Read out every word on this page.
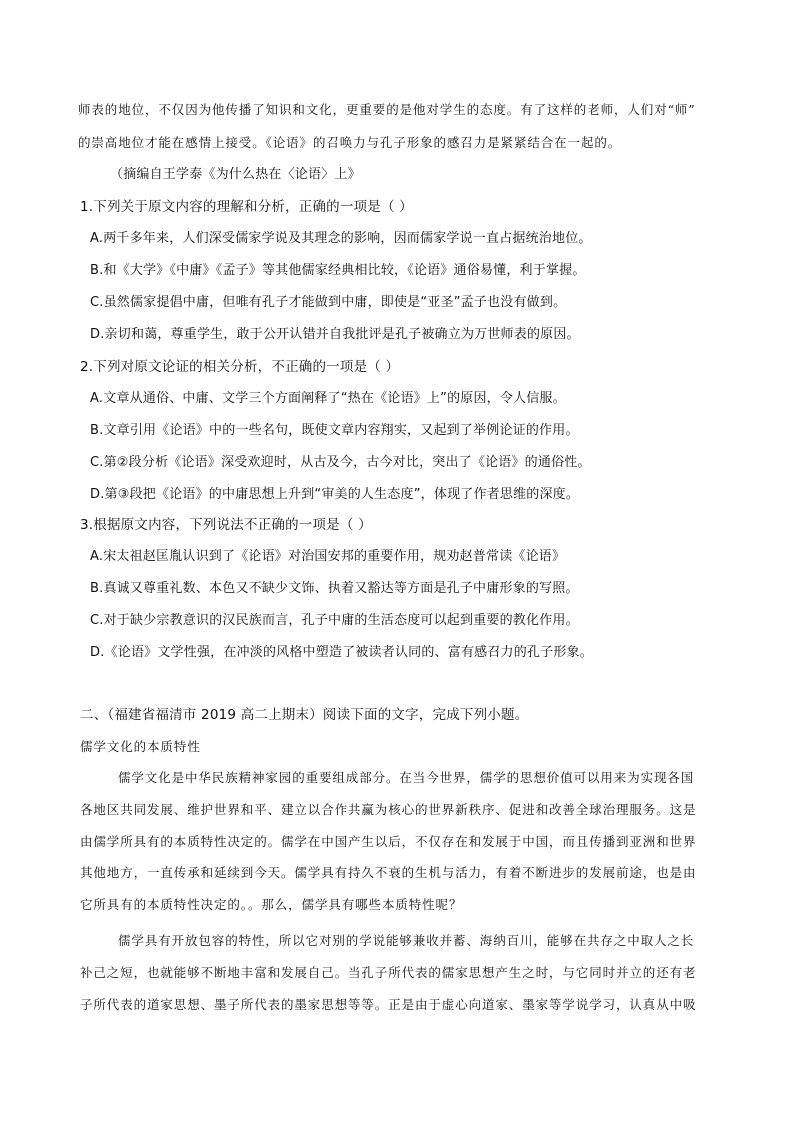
师表的地位，不仅因为他传播了知识和文化，更重要的是他对学生的态度。有了这样的老师，人们对“师”
的崇高地位才能在感情上接受。《论语》的召唤力与孔子形象的感召力是紧紧结合在一起的。
（摘编自王学泰《为什么热在〈论语〉上》
1.下列关于原文内容的理解和分析，正确的一项是（ ）
A.两千多年来，人们深受儒家学说及其理念的影响，因而儒家学说一直占据统治地位。
B.和《大学》《中庸》《孟子》等其他儒家经典相比较，《论语》通俗易懂，利于掌握。
C.虽然儒家提倡中庸，但唯有孔子才能做到中庸，即使是“亚圣”孟子也没有做到。
D.亲切和蔼，尊重学生，敢于公开认错并自我批评是孔子被确立为万世师表的原因。
2.下列对原文论证的相关分析，不正确的一项是（ ）
A.文章从通俗、中庸、文学三个方面阐释了“热在《论语》上”的原因，令人信服。
B.文章引用《论语》中的一些名句，既使文章内容翔实，又起到了举例论证的作用。
C.第②段分析《论语》深受欢迎时，从古及今，古今对比，突出了《论语》的通俗性。
D.第③段把《论语》的中庸思想上升到“审美的人生态度”，体现了作者思维的深度。
3.根据原文内容，下列说法不正确的一项是（ ）
A.宋太祖赵匡胤认识到了《论语》对治国安邦的重要作用，规劝赵普常读《论语》
B.真诚又尊重礼数、本色又不缺少文饰、执着又豁达等方面是孔子中庸形象的写照。
C.对于缺少宗教意识的汉民族而言，孔子中庸的生活态度可以起到重要的教化作用。
D.《论语》文学性强，在冲淡的风格中塑造了被读者认同的、富有感召力的孔子形象。
二、（福建省福清市 2019 高二上期末）阅读下面的文字，完成下列小题。
儒学文化的本质特性
儒学文化是中华民族精神家园的重要组成部分。在当今世界，儒学的思想价值可以用来为实现各国
各地区共同发展、维护世界和平、建立以合作共赢为核心的世界新秩序、促进和改善全球治理服务。这是
由儒学所具有的本质特性决定的。儒学在中国产生以后，不仅存在和发展于中国，而且传播到亚洲和世界
其他地方，一直传承和延续到今天。儒学具有持久不衰的生机与活力，有着不断进步的发展前途，也是由
它所具有的本质特性决定的。。那么，儒学具有哪些本质特性呢？
儒学具有开放包容的特性，所以它对别的学说能够兼收并蓄、海纳百川，能够在共存之中取人之长
补己之短，也就能够不断地丰富和发展自己。当孔子所代表的儒家思想产生之时，与它同时并立的还有老
子所代表的道家思想、墨子所代表的墨家思想等等。正是由于虚心向道家、墨家等学说学习，认真从中吸
